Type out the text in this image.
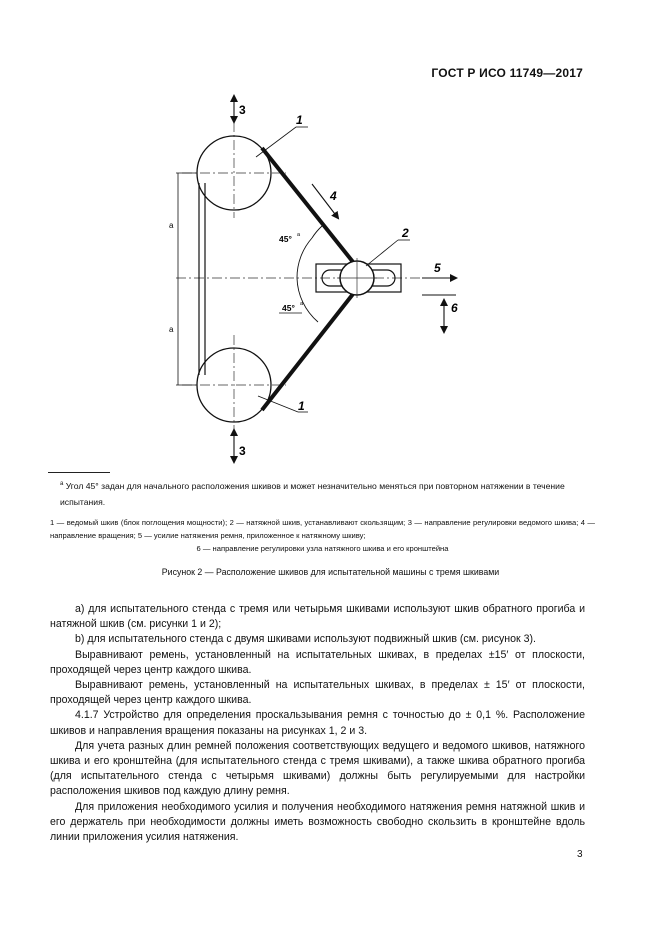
ГОСТ Р ИСО 11749—2017
a
a
3
3
4
5
6
1
1
2
45° a
45° a
$^a$ Угол 45° задан для начального расположения шкивов и может незначительно меняться при повторном натяжении в течение испытания.
1 — ведомый шкив (блок поглощения мощности); 2 — натяжной шкив, устанавливают скользящим; 3 — направление регулировки ведомого шкива; 4 — направление вращения; 5 — усилие натяжения ремня, приложенное к натяжному шкиву;
6 — направление регулировки узла натяжного шкива и его кронштейна
Рисунок 2 — Расположение шкивов для испытательной машины с тремя шкивами

a) для испытательного стенда с тремя или четырьмя шкивами используют шкив обратного прогиба и натяжной шкив (см. рисунки 1 и 2);

b) для испытательного стенда с двумя шкивами используют подвижный шкив (см. рисунок 3).

Выравнивают ремень, установленный на испытательных шкивах, в пределах ±15′ от плоскости, проходящей через центр каждого шкива.

Выравнивают ремень, установленный на испытательных шкивах, в пределах ± 15′ от плоскости, проходящей через центр каждого шкива.

4.1.7 Устройство для определения проскальзывания ремня с точностью до ± 0,1 %. Расположение шкивов и направления вращения показаны на рисунках 1, 2 и 3.

Для учета разных длин ремней положения соответствующих ведущего и ведомого шкивов, натяжного шкива и его кронштейна (для испытательного стенда с тремя шкивами), а также шкива обратного прогиба (для испытательного стенда с четырьмя шкивами) должны быть регулируемыми для настройки расположения шкивов под каждую длину ремня.

Для приложения необходимого усилия и получения необходимого натяжения ремня натяжной шкив и его держатель при необходимости должны иметь возможность свободно скользить в кронштейне вдоль линии приложения усилия натяжения.

3
